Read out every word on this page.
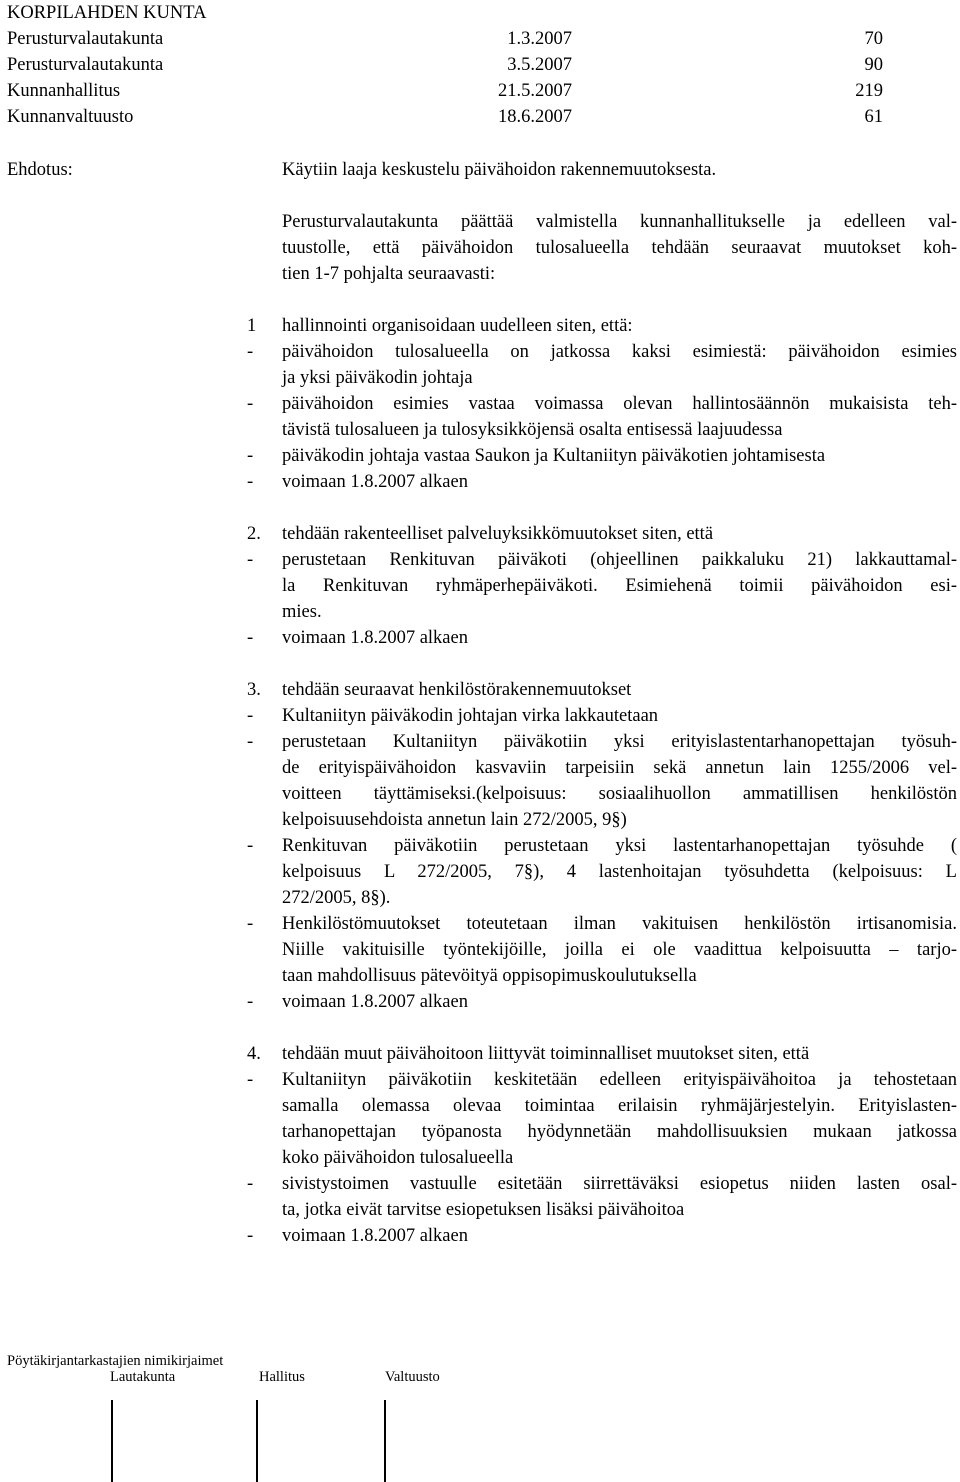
KORPILAHDEN KUNTA
Perusturvalautakunta	1.3.2007	70
Perusturvalautakunta	3.5.2007	90
Kunnanhallitus	21.5.2007	219
Kunnanvaltuusto	18.6.2007	61
Ehdotus:	Käytiin laaja keskustelu päivähoidon rakennemuutoksesta.
Perusturvalautakunta päättää valmistella kunnanhallitukselle ja edelleen val-
tuustolle, että päivähoidon tulosalueella tehdään seuraavat muutokset koh-
tien 1-7 pohjalta seuraavasti:
1 hallinnointi organisoidaan uudelleen siten, että:
- päivähoidon tulosalueella on jatkossa kaksi esimiestä: päivähoidon esimies
ja yksi päiväkodin johtaja
- päivähoidon esimies vastaa voimassa olevan hallintosäännön mukaisista teh-
tävistä tulosalueen ja tulosyksikköjensä osalta entisessä laajuudessa
- päiväkodin johtaja vastaa Saukon ja Kultaniityn päiväkotien johtamisesta
- voimaan 1.8.2007 alkaen
2. tehdään rakenteelliset palveluyksikkömuutokset siten, että
- perustetaan Renkituvan päiväkoti (ohjeellinen paikkaluku 21) lakkauttamal-
la Renkituvan ryhmäperhepäiväkoti. Esimiehenä toimii päivähoidon esi-
mies.
- voimaan 1.8.2007 alkaen
3. tehdään seuraavat henkilöstörakennemuutokset
- Kultaniityn päiväkodin johtajan virka lakkautetaan
- perustetaan Kultaniityn päiväkotiin yksi erityislastentarhanopettajan työsuh-
de erityispäivähoidon kasvaviin tarpeisiin sekä annetun lain 1255/2006 vel-
voitteen täyttämiseksi.(kelpoisuus: sosiaalihuollon ammatillisen henkilöstön
kelpoisuusehdoista annetun lain 272/2005, 9§)
- Renkituvan päiväkotiin perustetaan yksi lastentarhanopettajan työsuhde (
kelpoisuus L 272/2005, 7§), 4 lastenhoitajan työsuhdetta (kelpoisuus: L
272/2005, 8§).
- Henkilöstömuutokset toteutetaan ilman vakituisen henkilöstön irtisanomisia.
Niille vakituisille työntekijöille, joilla ei ole vaadittua kelpoisuutta – tarjo-
taan mahdollisuus pätevöityä oppisopimuskoulutuksella
- voimaan 1.8.2007 alkaen
4. tehdään muut päivähoitoon liittyvät toiminnalliset muutokset siten, että
- Kultaniityn päiväkotiin keskitetään edelleen erityispäivähoitoa ja tehostetaan
samalla olemassa olevaa toimintaa erilaisin ryhmäjärjestelyin. Erityislasten-
tarhanopettajan työpanosta hyödynnetään mahdollisuuksien mukaan jatkossa
koko päivähoidon tulosalueella
- sivistystoimen vastuulle esitetään siirrettäväksi esiopetus niiden lasten osal-
ta, jotka eivät tarvitse esiopetuksen lisäksi päivähoitoa
- voimaan 1.8.2007 alkaen
Pöytäkirjantarkastajien nimikirjaimet
Lautakunta	Hallitus	Valtuusto
